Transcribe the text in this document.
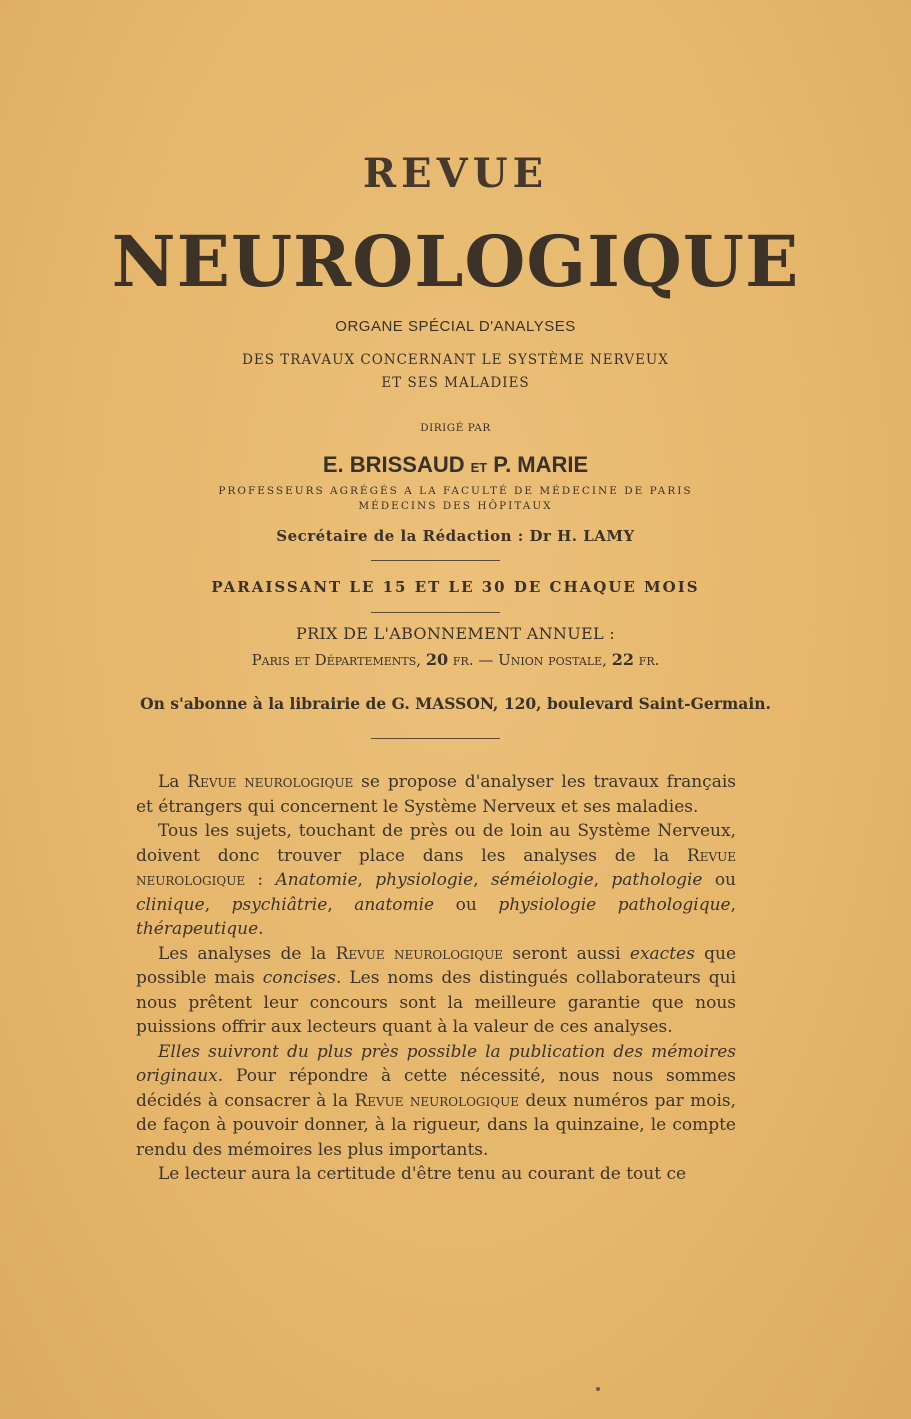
REVUE
NEUROLOGIQUE
ORGANE SPÉCIAL D'ANALYSES
DES TRAVAUX CONCERNANT LE SYSTÈME NERVEUX
ET SES MALADIES
DIRIGÉ PAR
E. BRISSAUD ET P. MARIE
PROFESSEURS AGRÉGÉS A LA FACULTÉ DE MÉDECINE DE PARIS
MÉDECINS DES HÔPITAUX
Secrétaire de la Rédaction : Dr H. LAMY
PARAISSANT LE 15 ET LE 30 DE CHAQUE MOIS
PRIX DE L'ABONNEMENT ANNUEL :
Paris et Départements, 20 fr. — Union postale, 22 fr.
On s'abonne à la librairie de G. MASSON, 120, boulevard Saint-Germain.

La Revue neurologique se propose d'analyser les travaux français et étrangers qui concernent le Système Nerveux et ses maladies.

Tous les sujets, touchant de près ou de loin au Système Nerveux, doivent donc trouver place dans les analyses de la Revue neurologique : Anatomie, physiologie, séméiologie, pathologie ou clinique, psychiâtrie, anatomie ou physiologie pathologique, thérapeutique.

Les analyses de la Revue neurologique seront aussi exactes que possible mais concises. Les noms des distingués collaborateurs qui nous prêtent leur concours sont la meilleure garantie que nous puissions offrir aux lecteurs quant à la valeur de ces analyses.

Elles suivront du plus près possible la publication des mémoires originaux. Pour répondre à cette nécessité, nous nous sommes décidés à consacrer à la Revue neurologique deux numéros par mois, de façon à pouvoir donner, à la rigueur, dans la quinzaine, le compte rendu des mémoires les plus importants.

Le lecteur aura la certitude d'être tenu au courant de tout ce
